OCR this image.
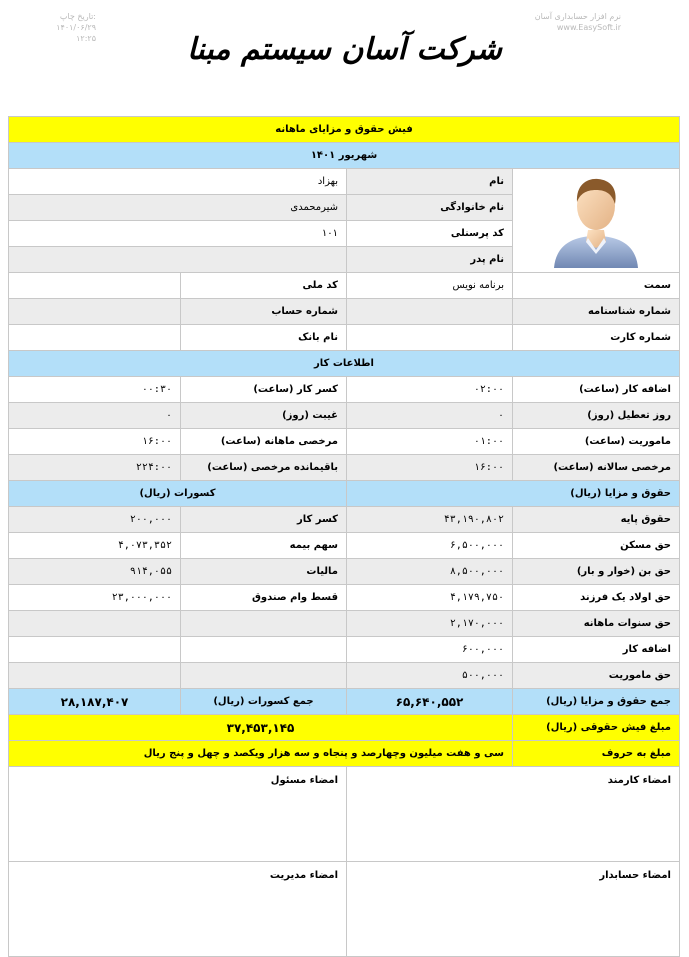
تاریخ چاپ:
۱۴۰۱/۰۶/۲۹
۱۲:۲۵
نرم افزار حسابداری آسان
www.EasySoft.ir
شرکت آسان سیستم مبنا
فیش حقوق و مزایای ماهانه			
شهریور ۱۴۰۱			
	نام	بهزاد	
	نام خانوادگی	شیرمحمدی	
	کد پرسنلی	۱۰۱	
	نام پدر		
سمت	برنامه نویس	کد ملی	
شماره شناسنامه		شماره حساب	
شماره کارت		نام بانک	
اطلاعات کار			
اضافه کار (ساعت)	۰۲:۰۰	کسر کار (ساعت)	۰۰:۳۰
روز تعطیل (روز)	۰	غیبت (روز)	۰
ماموریت (ساعت)	۰۱:۰۰	مرخصی ماهانه (ساعت)	۱۶:۰۰
مرخصی سالانه (ساعت)	۱۶:۰۰	باقیمانده مرخصی (ساعت)	۲۲۴:۰۰
حقوق و مزایا (ریال)		کسورات (ریال)	
حقوق پایه	۴۳,۱۹۰,۸۰۲	کسر کار	۲۰۰,۰۰۰
حق مسکن	۶,۵۰۰,۰۰۰	سهم بیمه	۴,۰۷۳,۳۵۲
حق بن (خوار و بار)	۸,۵۰۰,۰۰۰	مالیات	۹۱۴,۰۵۵
حق اولاد یک فرزند	۴,۱۷۹,۷۵۰	قسط وام صندوق	۲۳,۰۰۰,۰۰۰
حق سنوات ماهانه	۲,۱۷۰,۰۰۰		
اضافه کار	۶۰۰,۰۰۰		
حق ماموریت	۵۰۰,۰۰۰		
جمع حقوق و مزایا (ریال)	۶۵,۶۴۰,۵۵۲	جمع کسورات (ریال)	۲۸,۱۸۷,۴۰۷
مبلغ فیش حقوقی (ریال)	۳۷,۴۵۳,۱۴۵		
مبلغ به حروف	سی و هفت میلیون وچهارصد و پنجاه و سه هزار ویکصد و چهل و پنج ریال		
امضاء کارمند		امضاء مسئول	
امضاء حسابدار		امضاء مدیریت	
